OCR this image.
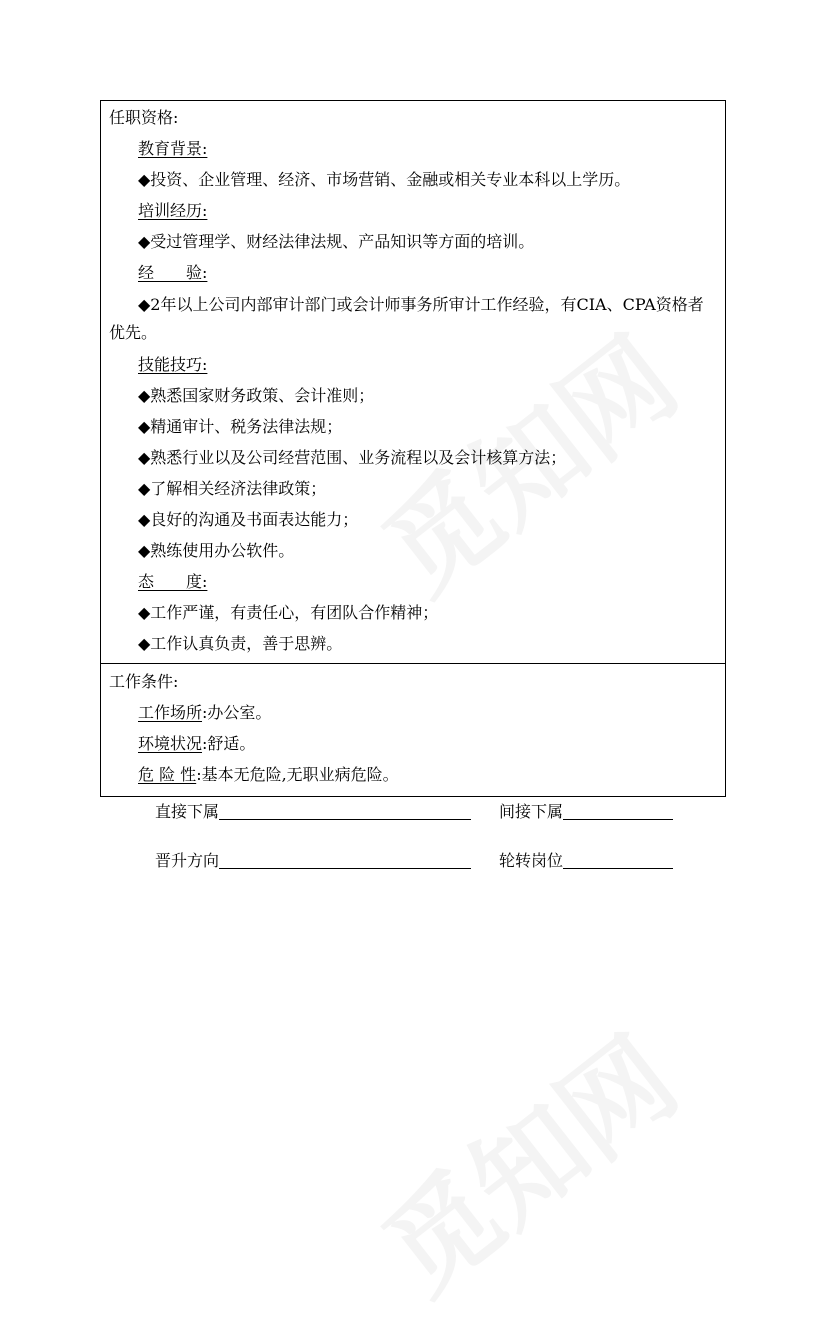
任职资格:
教育背景:
◆投资、企业管理、经济、市场营销、金融或相关专业本科以上学历。
培训经历:
◆受过管理学、财经法律法规、产品知识等方面的培训。
经　　验:
◆2年以上公司内部审计部门或会计师事务所审计工作经验，有CIA、CPA资格者优先。
技能技巧:
◆熟悉国家财务政策、会计准则；
◆精通审计、税务法律法规；
◆熟悉行业以及公司经营范围、业务流程以及会计核算方法；
◆了解相关经济法律政策；
◆良好的沟通及书面表达能力；
◆熟练使用办公软件。
态　　度:
◆工作严谨，有责任心，有团队合作精神；
◆工作认真负责，善于思辨。
工作条件:
工作场所:办公室。
环境状况:舒适。
危 险 性:基本无危险,无职业病危险。
直接下属	间接下属
晋升方向	轮转岗位
